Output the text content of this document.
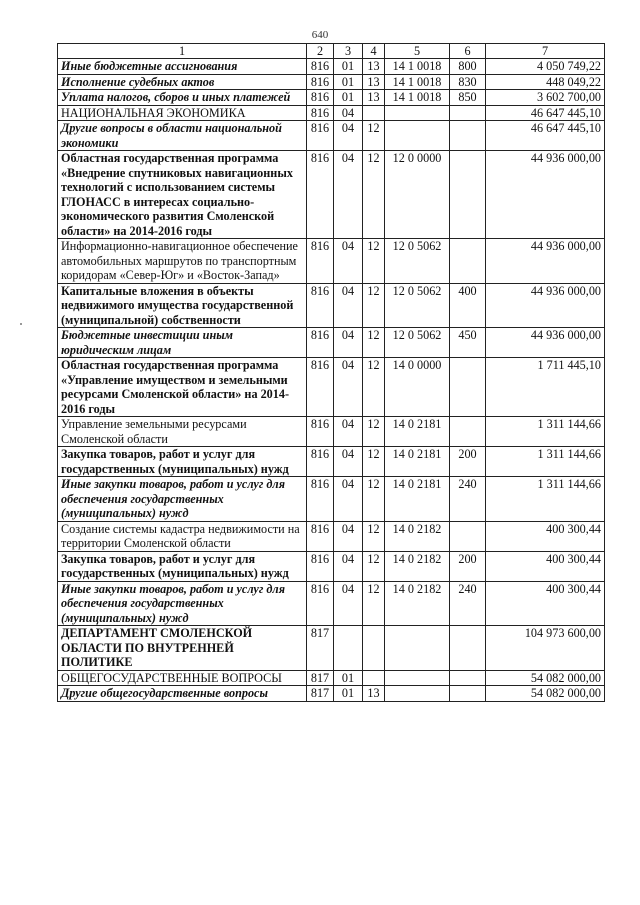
640
1	2	3	4	5	6	7
Иные бюджетные ассигнования	816	01	13	14 1 0018	800	4 050 749,22
Исполнение судебных актов	816	01	13	14 1 0018	830	448 049,22
Уплата налогов, сборов и иных платежей	816	01	13	14 1 0018	850	3 602 700,00
НАЦИОНАЛЬНАЯ ЭКОНОМИКА	816	04				46 647 445,10
Другие вопросы в области национальной экономики	816	04	12			46 647 445,10
Областная государственная программа «Внедрение спутниковых навигационных технологий с использованием системы ГЛОНАСС в интересах социально-экономического развития Смоленской области» на 2014-2016 годы	816	04	12	12 0 0000		44 936 000,00
Информационно-навигационное обеспечение автомобильных маршрутов по транспортным коридорам «Север-Юг» и «Восток-Запад»	816	04	12	12 0 5062		44 936 000,00
Капитальные вложения в объекты недвижимого имущества государственной (муниципальной) собственности	816	04	12	12 0 5062	400	44 936 000,00
Бюджетные инвестиции иным юридическим лицам	816	04	12	12 0 5062	450	44 936 000,00
Областная государственная программа «Управление имуществом и земельными ресурсами Смоленской области» на 2014-2016 годы	816	04	12	14 0 0000		1 711 445,10
Управление земельными ресурсами Смоленской области	816	04	12	14 0 2181		1 311 144,66
Закупка товаров, работ и услуг для государственных (муниципальных) нужд	816	04	12	14 0 2181	200	1 311 144,66
Иные закупки товаров, работ и услуг для обеспечения государственных (муниципальных) нужд	816	04	12	14 0 2181	240	1 311 144,66
Создание системы кадастра недвижимости на территории Смоленской области	816	04	12	14 0 2182		400 300,44
Закупка товаров, работ и услуг для государственных (муниципальных) нужд	816	04	12	14 0 2182	200	400 300,44
Иные закупки товаров, работ и услуг для обеспечения государственных (муниципальных) нужд	816	04	12	14 0 2182	240	400 300,44
ДЕПАРТАМЕНТ СМОЛЕНСКОЙ ОБЛАСТИ ПО ВНУТРЕННЕЙ ПОЛИТИКЕ	817					104 973 600,00
ОБЩЕГОСУДАРСТВЕННЫЕ ВОПРОСЫ	817	01				54 082 000,00
Другие общегосударственные вопросы	817	01	13			54 082 000,00
